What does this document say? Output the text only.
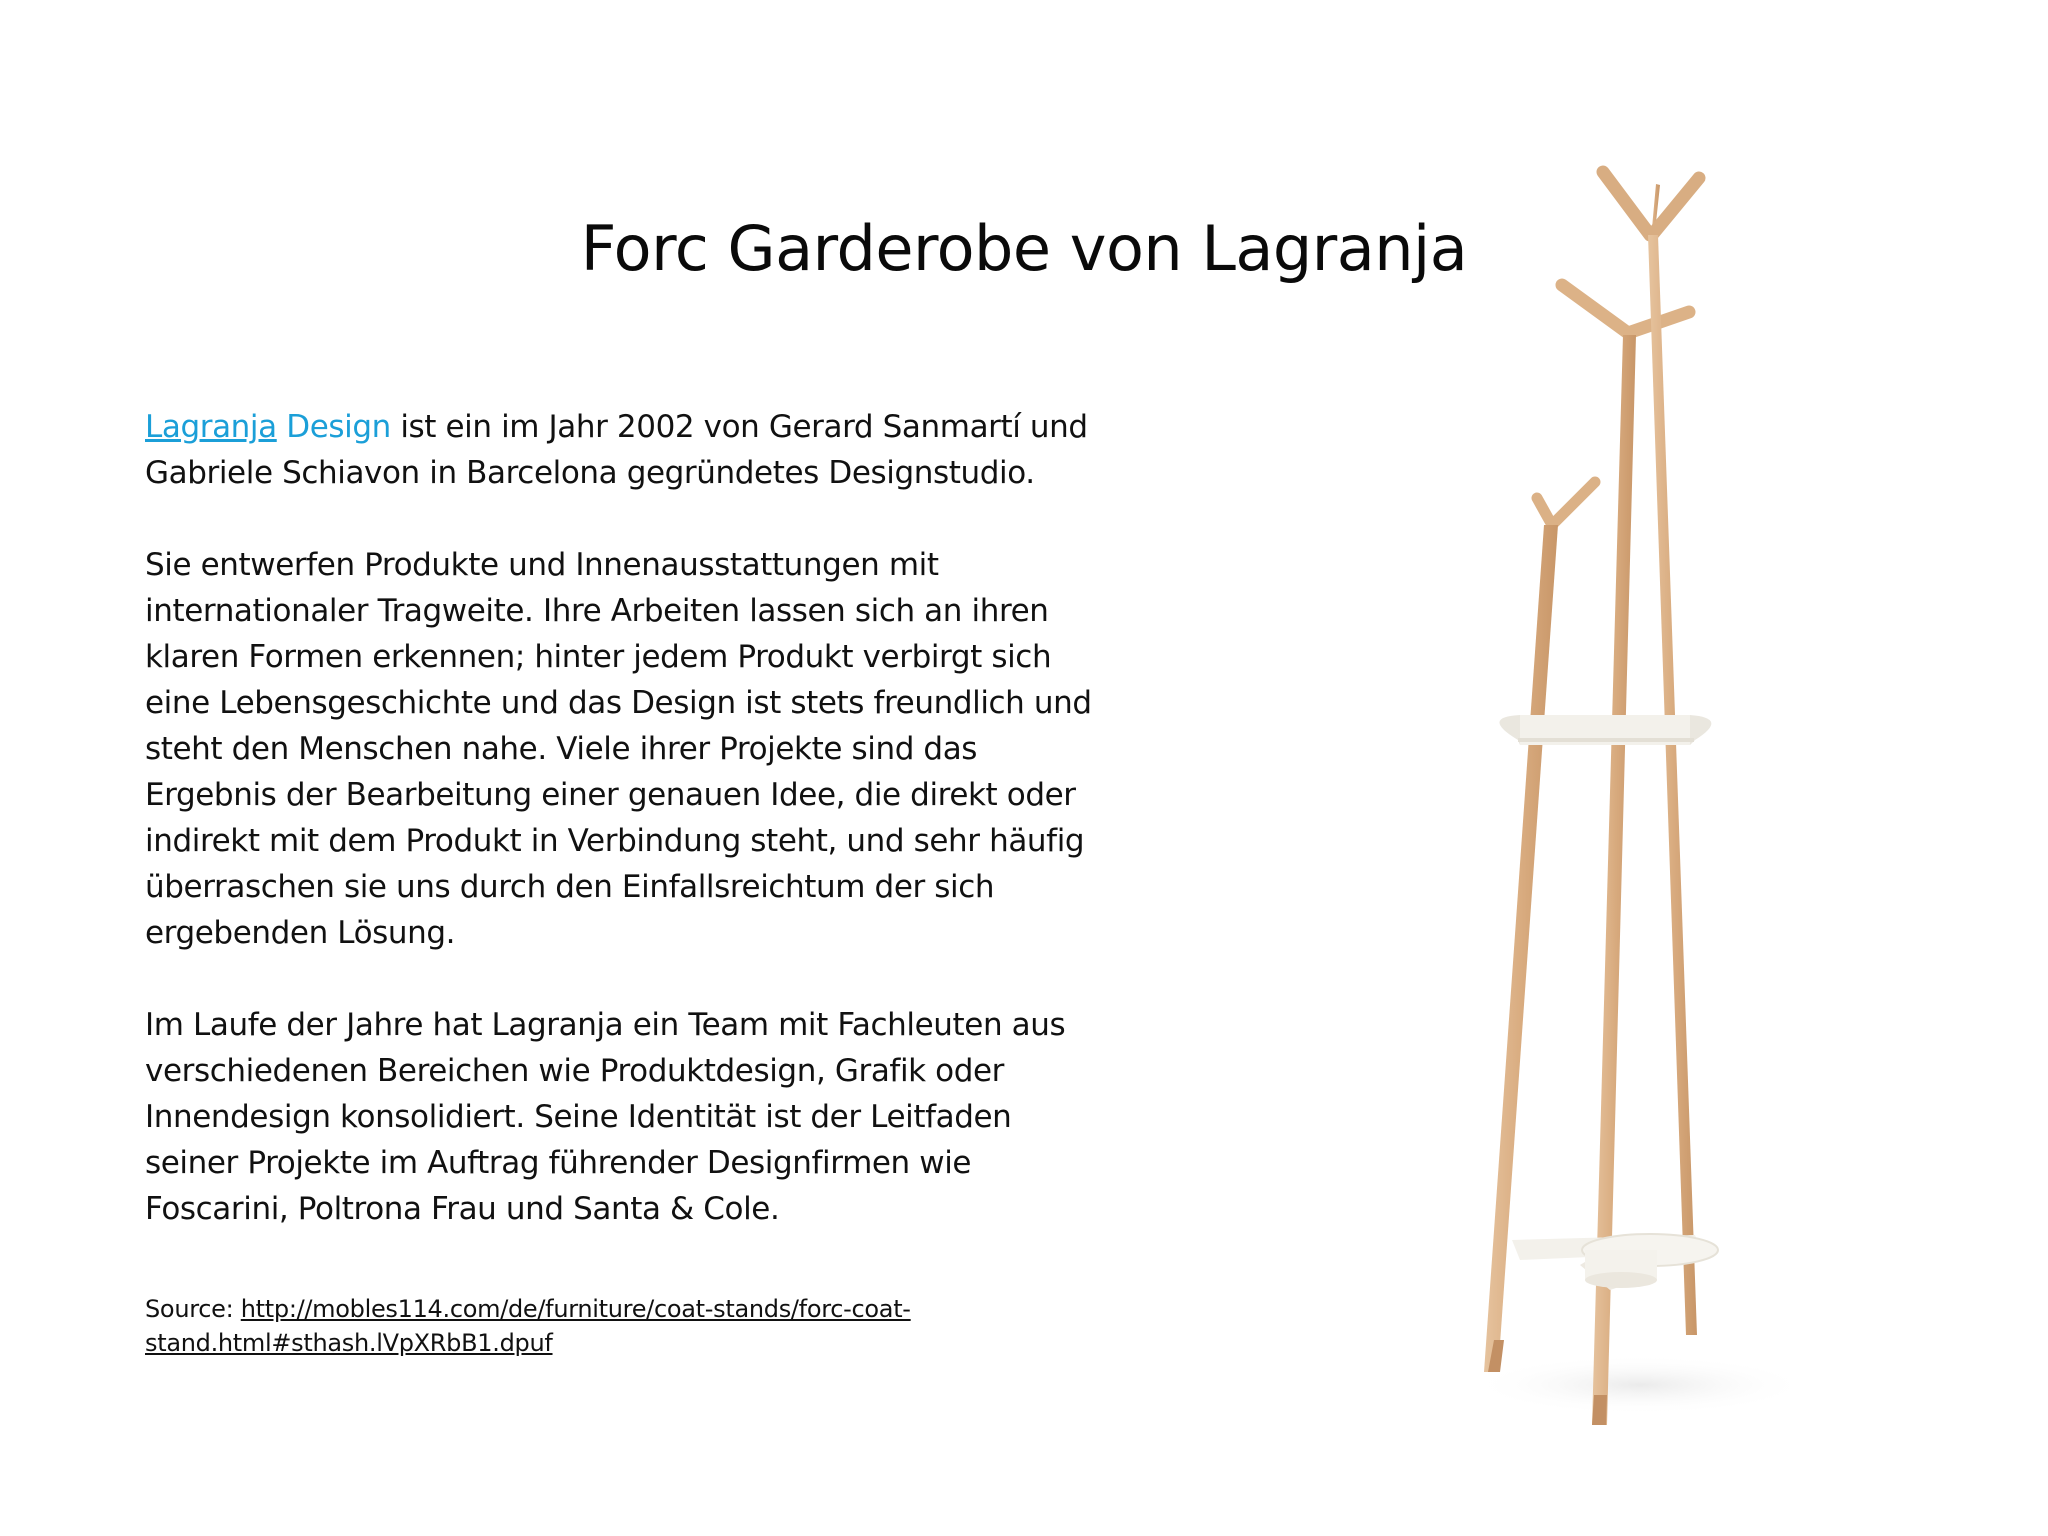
Forc Garderobe von Lagranja

Lagranja Design ist ein im Jahr 2002 von Gerard Sanmartí und Gabriele Schiavon in Barcelona gegründetes Designstudio.

Sie entwerfen Produkte und Innenausstattungen mit internationaler Tragweite. Ihre Arbeiten lassen sich an ihren klaren Formen erkennen; hinter jedem Produkt verbirgt sich eine Lebensgeschichte und das Design ist stets freundlich und steht den Menschen nahe. Viele ihrer Projekte sind das Ergebnis der Bearbeitung einer genauen Idee, die direkt oder indirekt mit dem Produkt in Verbindung steht, und sehr häufig überraschen sie uns durch den Einfallsreichtum der sich ergebenden Lösung.

Im Laufe der Jahre hat Lagranja ein Team mit Fachleuten aus verschiedenen Bereichen wie Produktdesign, Grafik oder Innendesign konsolidiert. Seine Identität ist der Leitfaden seiner Projekte im Auftrag führender Designfirmen wie Foscarini, Poltrona Frau und Santa & Cole.

Source: http://mobles114.com/de/furniture/coat-stands/forc-coat-stand.html#sthash.lVpXRbB1.dpuf
